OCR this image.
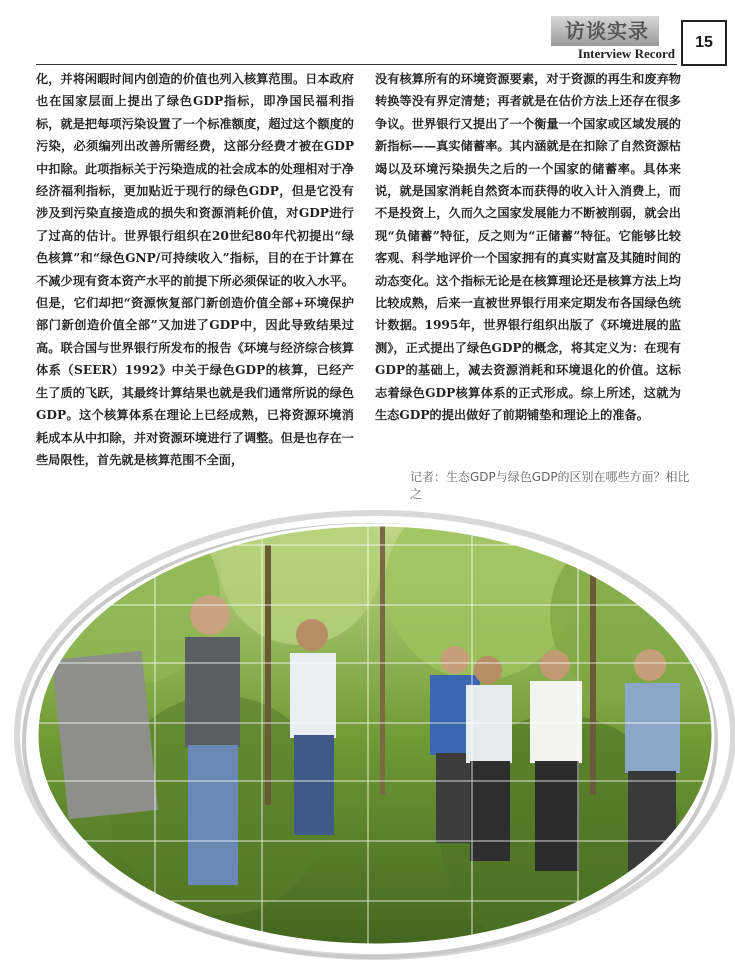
访谈实录
Interview Record
15

化，并将闲暇时间内创造的价值也列入核算范围。日本政府也在国家层面上提出了绿色GDP指标，即净国民福利指标，就是把每项污染设置了一个标准额度，超过这个额度的污染，必须编列出改善所需经费，这部分经费才被在GDP中扣除。此项指标关于污染造成的社会成本的处理相对于净经济福利指标，更加贴近于现行的绿色GDP，但是它没有涉及到污染直接造成的损失和资源消耗价值，对GDP进行了过高的估计。世界银行组织在20世纪80年代初提出“绿色核算”和“绿色GNP/可持续收入”指标，目的在于计算在不减少现有资本资产水平的前提下所必须保证的收入水平。但是，它们却把“资源恢复部门新创造价值全部+环境保护部门新创造价值全部”又加进了GDP中，因此导致结果过高。联合国与世界银行所发布的报告《环境与经济综合核算体系（SEER）1992》中关于绿色GDP的核算，已经产生了质的飞跃，其最终计算结果也就是我们通常所说的绿色GDP。这个核算体系在理论上已经成熟，已将资源环境消耗成本从中扣除，并对资源环境进行了调整。但是也存在一些局限性，首先就是核算范围不全面，

没有核算所有的环境资源要素，对于资源的再生和废弃物转换等没有界定清楚；再者就是在估价方法上还存在很多争议。世界银行又提出了一个衡量一个国家或区域发展的新指标——真实储蓄率。其内涵就是在扣除了自然资源枯竭以及环境污染损失之后的一个国家的储蓄率。具体来说，就是国家消耗自然资本而获得的收入计入消费上，而不是投资上，久而久之国家发展能力不断被削弱，就会出现“负储蓄”特征，反之则为“正储蓄”特征。它能够比较客观、科学地评价一个国家拥有的真实财富及其随时间的动态变化。这个指标无论是在核算理论还是核算方法上均比较成熟，后来一直被世界银行用来定期发布各国绿色统计数据。1995年，世界银行组织出版了《环境进展的监测》，正式提出了绿色GDP的概念，将其定义为：在现有GDP的基础上，减去资源消耗和环境退化的价值。这标志着绿色GDP核算体系的正式形成。综上所述，这就为生态GDP的提出做好了前期铺垫和理论上的准备。

记者：生态GDP与绿色GDP的区别在哪些方面？相比之
